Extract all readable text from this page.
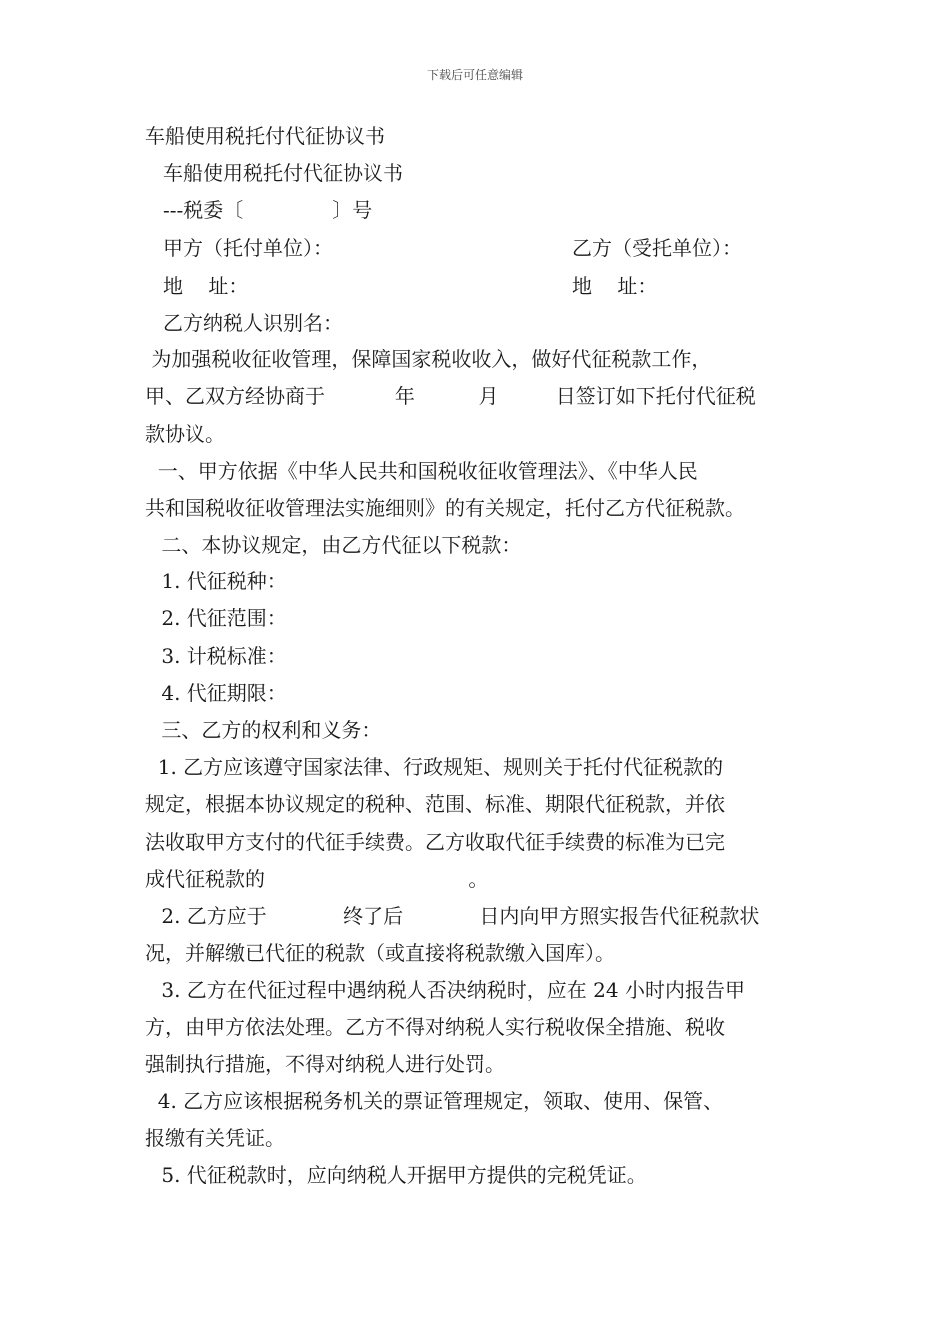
下载后可任意编辑

车船使用税托付代征协议书

车船使用税托付代征协议书

---税委〔              〕号

甲方（托付单位）：	乙方（受托单位）：

地    址：	地    址：

乙方纳税人识别名：

为加强税收征收管理，保障国家税收收入，做好代征税款工作，

甲、乙双方经协商于           年          月         日签订如下托付代征税

款协议。

一、甲方依据《中华人民共和国税收征收管理法》、《中华人民

共和国税收征收管理法实施细则》的有关规定，托付乙方代征税款。

二、本协议规定，由乙方代征以下税款：

1. 代征税种：

2. 代征范围：

3. 计税标准：

4. 代征期限：

三、乙方的权利和义务：

1. 乙方应该遵守国家法律、行政规矩、规则关于托付代征税款的

规定，根据本协议规定的税种、范围、标准、期限代征税款，并依

法收取甲方支付的代征手续费。乙方收取代征手续费的标准为已完

成代征税款的                                。

2. 乙方应于            终了后            日内向甲方照实报告代征税款状

况，并解缴已代征的税款（或直接将税款缴入国库）。

3. 乙方在代征过程中遇纳税人否决纳税时，应在 24 小时内报告甲

方，由甲方依法处理。乙方不得对纳税人实行税收保全措施、税收

强制执行措施，不得对纳税人进行处罚。

4. 乙方应该根据税务机关的票证管理规定，领取、使用、保管、

报缴有关凭证。

5. 代征税款时，应向纳税人开据甲方提供的完税凭证。
